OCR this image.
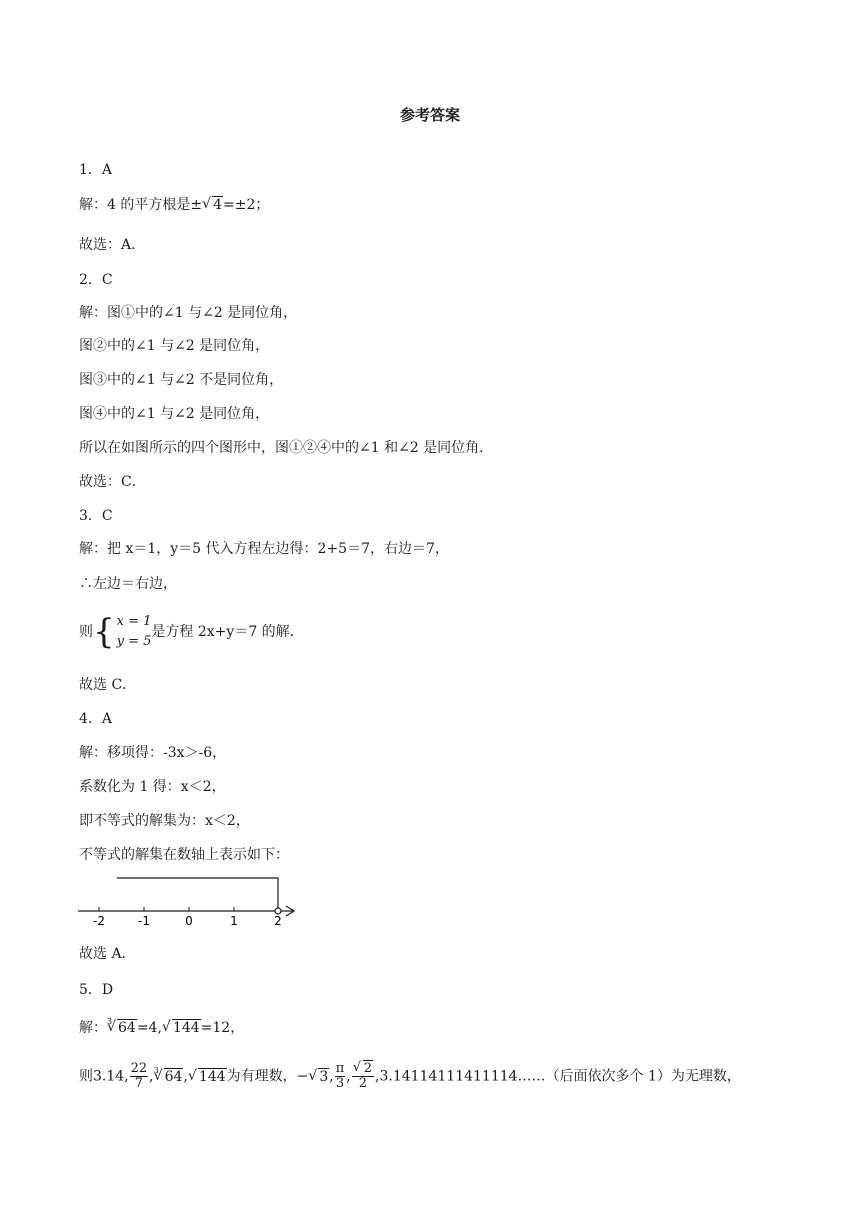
参考答案
1．A
解：4 的平方根是± √ 4=±2；
故选：A．
2．C
解：图①中的∠1 与∠2 是同位角，
图②中的∠1 与∠2 是同位角，
图③中的∠1 与∠2 不是同位角，
图④中的∠1 与∠2 是同位角，
所以在如图所示的四个图形中，图①②④中的∠1 和∠2 是同位角．
故选：C．
3．C
解：把 x＝1，y＝5 代入方程左边得：2+5＝7，右边＝7，
∴左边＝右边，
则 { x = 1
y = 5
是方程 2x+y＝7 的解．
故选 C．
4．A
解：移项得：-3x＞-6，
系数化为 1 得：x＜2，
即不等式的解集为：x＜2，
不等式的解集在数轴上表示如下：
-2	-1	0	1	2
故选 A．
5．D
解： √ 3 64=4, √ 144=12，
则3.14, $\frac{22}{7}$ , √ 3 64, √ 144为有理数，− √ 3, $\frac{\pi}{3}$ , √ $\frac{2}{2}$ ,3.14114111411114……（后面依次多个 1）为无理数，
